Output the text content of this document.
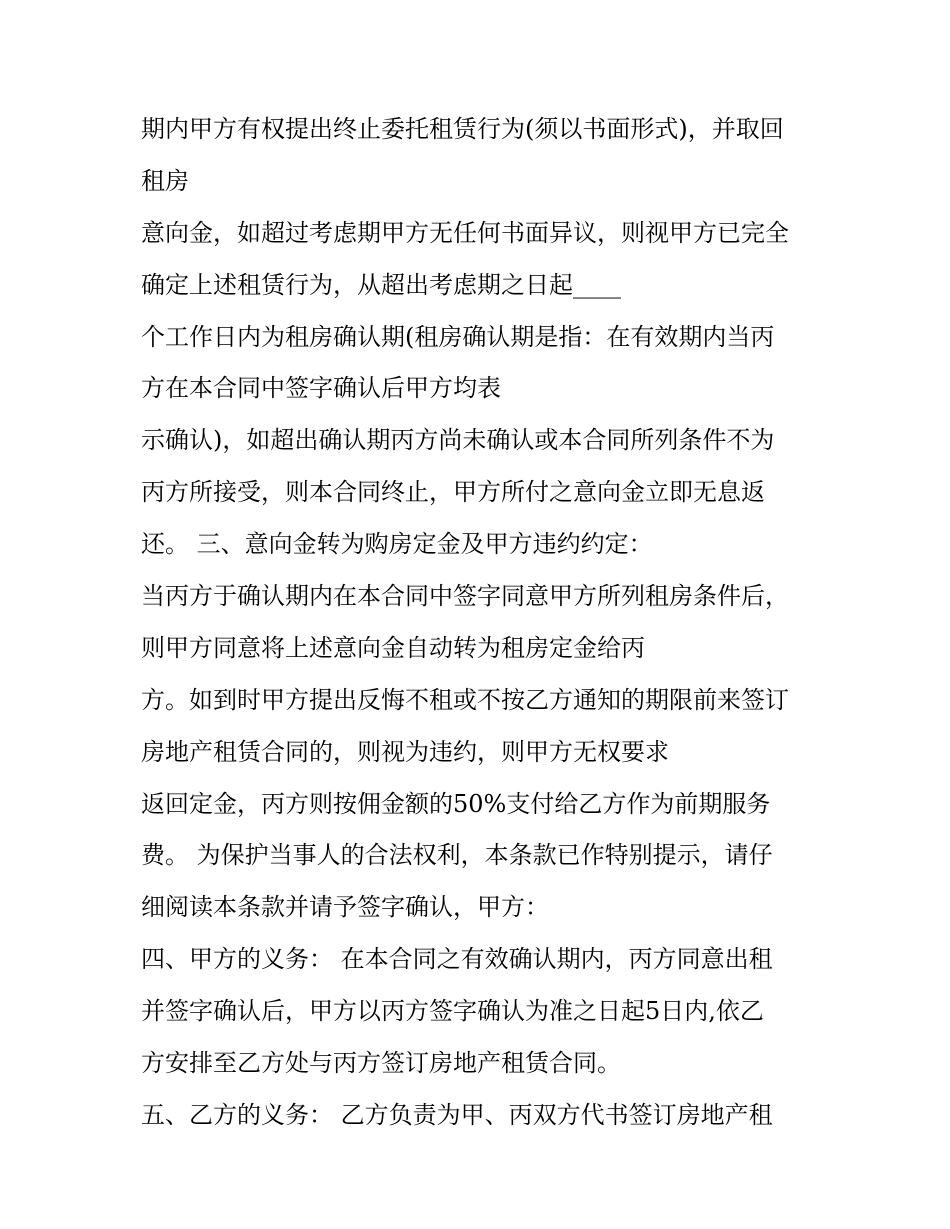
期内甲方有权提出终止委托租赁行为(须以书面形式)，并取回
租房
意向金，如超过考虑期甲方无任何书面异议，则视甲方已完全
确定上述租赁行为，从超出考虑期之日起____
个工作日内为租房确认期(租房确认期是指：在有效期内当丙
方在本合同中签字确认后甲方均表
示确认)，如超出确认期丙方尚未确认或本合同所列条件不为
丙方所接受，则本合同终止，甲方所付之意向金立即无息返
还。 三、意向金转为购房定金及甲方违约约定：
当丙方于确认期内在本合同中签字同意甲方所列租房条件后，
则甲方同意将上述意向金自动转为租房定金给丙
方。如到时甲方提出反悔不租或不按乙方通知的期限前来签订
房地产租赁合同的，则视为违约，则甲方无权要求
返回定金，丙方则按佣金额的50%支付给乙方作为前期服务
费。 为保护当事人的合法权利，本条款已作特别提示，请仔
细阅读本条款并请予签字确认，甲方：
四、甲方的义务： 在本合同之有效确认期内，丙方同意出租
并签字确认后，甲方以丙方签字确认为准之日起5日内,依乙
方安排至乙方处与丙方签订房地产租赁合同。
五、乙方的义务： 乙方负责为甲、丙双方代书签订房地产租
